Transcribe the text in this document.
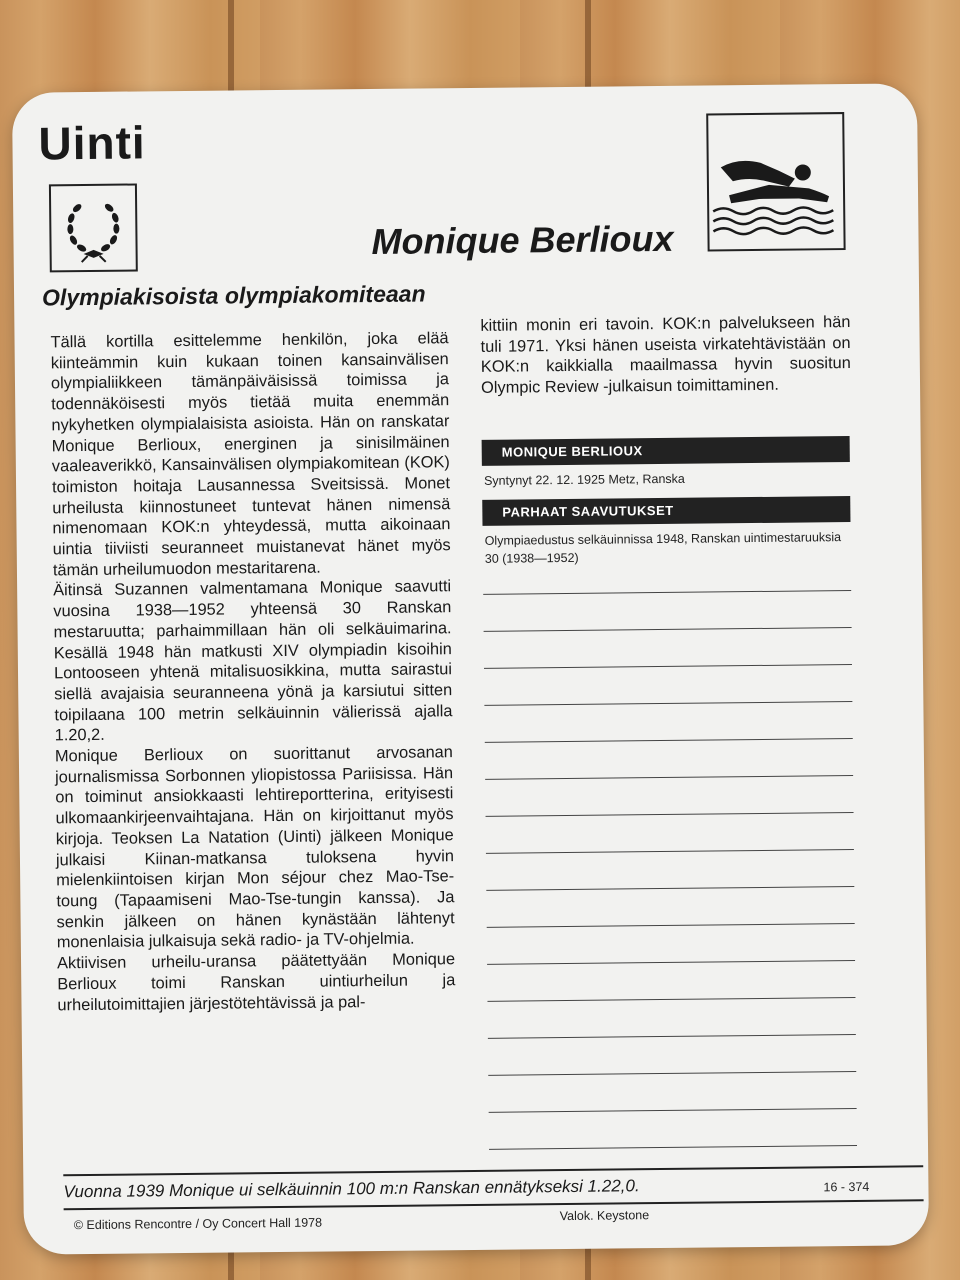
Uinti
Monique Berlioux
Olympiakisoista olympiakomiteaan

Tällä kortilla esittelemme henkilön, joka elää kiinteämmin kuin kukaan toinen kansainvälisen olympialiikkeen tämänpäiväisissä toimissa ja todennäköisesti myös tietää muita enemmän nykyhetken olympialaisista asioista. Hän on ranskatar Monique Berlioux, energinen ja sinisilmäinen vaaleaverikkö, Kansainvälisen olympiakomitean (KOK) toimiston hoitaja Lausannessa Sveitsissä. Monet urheilusta kiinnostuneet tuntevat hänen nimensä nimenomaan KOK:n yhteydessä, mutta aikoinaan uintia tiiviisti seuranneet muistanevat hänet myös tämän urheilumuodon mestaritarena.

Äitinsä Suzannen valmentamana Monique saavutti vuosina 1938—1952 yhteensä 30 Ranskan mestaruutta; parhaimmillaan hän oli selkäuimarina. Kesällä 1948 hän matkusti XIV olympiadin kisoihin Lontooseen yhtenä mitalisuosikkina, mutta sairastui siellä avajaisia seuranneena yönä ja karsiutui sitten toipilaana 100 metrin selkäuinnin välierissä ajalla 1.20,2.

Monique Berlioux on suorittanut arvosanan journalismissa Sorbonnen yliopistossa Pariisissa. Hän on toiminut ansiokkaasti lehtireportterina, erityisesti ulkomaankirjeenvaihtajana. Hän on kirjoittanut myös kirjoja. Teoksen La Natation (Uinti) jälkeen Monique julkaisi Kiinan-matkansa tuloksena hyvin mielenkiintoisen kirjan Mon séjour chez Mao-Tse-toung (Tapaamiseni Mao-Tse-tungin kanssa). Ja senkin jälkeen on hänen kynästään lähtenyt monenlaisia julkaisuja sekä radio- ja TV-ohjelmia.

Aktiivisen urheilu-uransa päätettyään Monique Berlioux toimi Ranskan uintiurheilun ja urheilutoimittajien järjestötehtävissä ja pal-

kittiin monin eri tavoin. KOK:n palvelukseen hän tuli 1971. Yksi hänen useista virkatehtävistään on KOK:n kaikkialla maailmassa hyvin suositun Olympic Review -julkaisun toimittaminen.
MONIQUE BERLIOUX
Syntynyt 22. 12. 1925 Metz, Ranska
PARHAAT SAAVUTUKSET
Olympiaedustus selkäuinnissa 1948, Ranskan uintimestaruuksia 30 (1938—1952)
Vuonna 1939 Monique ui selkäuinnin 100 m:n Ranskan ennätykseksi 1.22,0.	16 - 374
© Editions Rencontre / Oy Concert Hall 1978	Valok. Keystone
